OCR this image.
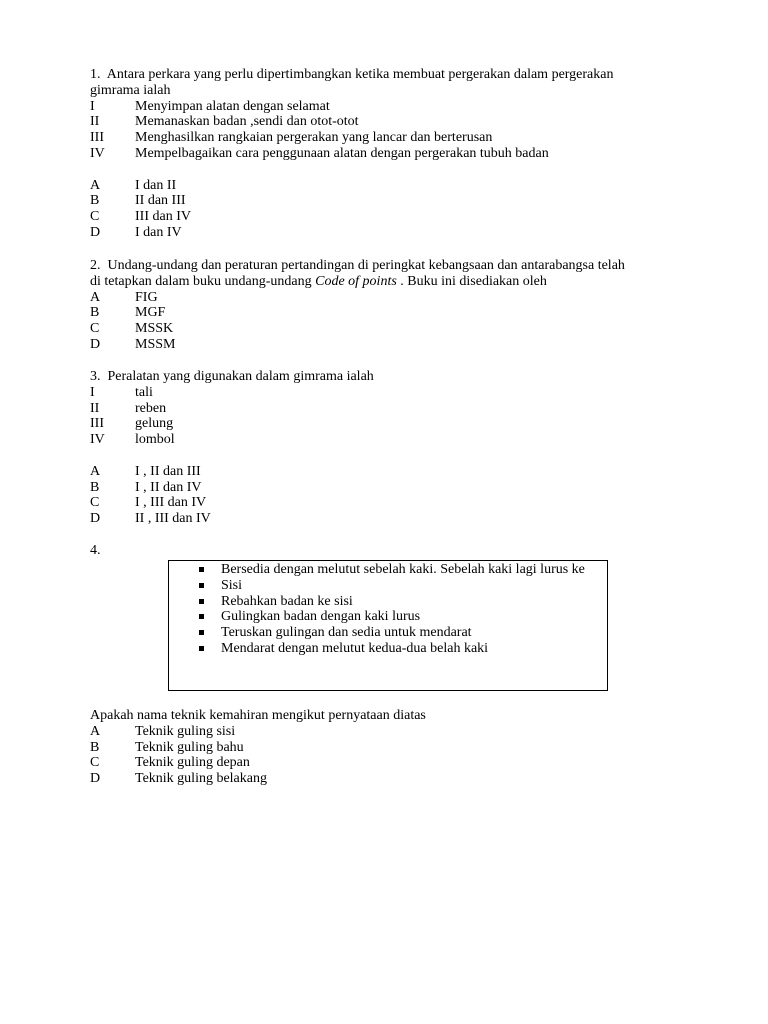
1.  Antara perkara yang perlu dipertimbangkan ketika membuat pergerakan dalam pergerakan gimrama ialah
I	Menyimpan alatan dengan selamat
II	Memanaskan badan ,sendi dan otot-otot
III	Menghasilkan rangkaian pergerakan yang lancar dan berterusan
IV	Mempelbagaikan cara penggunaan alatan dengan pergerakan tubuh badan
A	I dan II
B	II dan III
C	III dan IV
D	I dan IV
2.  Undang-undang dan peraturan pertandingan di peringkat kebangsaan dan antarabangsa telah di tetapkan dalam buku undang-undang Code of points . Buku ini disediakan oleh
A	FIG
B	MGF
C	MSSK
D	MSSM
3.  Peralatan yang digunakan dalam gimrama ialah
I	tali
II	reben
III	gelung
IV	lombol
A	I , II dan III
B	I , II dan IV
C	I , III dan IV
D	II , III dan IV
4.
Bersedia dengan melutut sebelah kaki. Sebelah kaki lagi lurus ke
Sisi
Rebahkan badan ke sisi
Gulingkan badan dengan kaki lurus
Teruskan gulingan dan sedia untuk mendarat
Mendarat dengan melutut kedua-dua belah kaki
Apakah nama teknik kemahiran mengikut pernyataan diatas
A	Teknik guling sisi
B	Teknik guling bahu
C	Teknik guling depan
D	Teknik guling belakang
